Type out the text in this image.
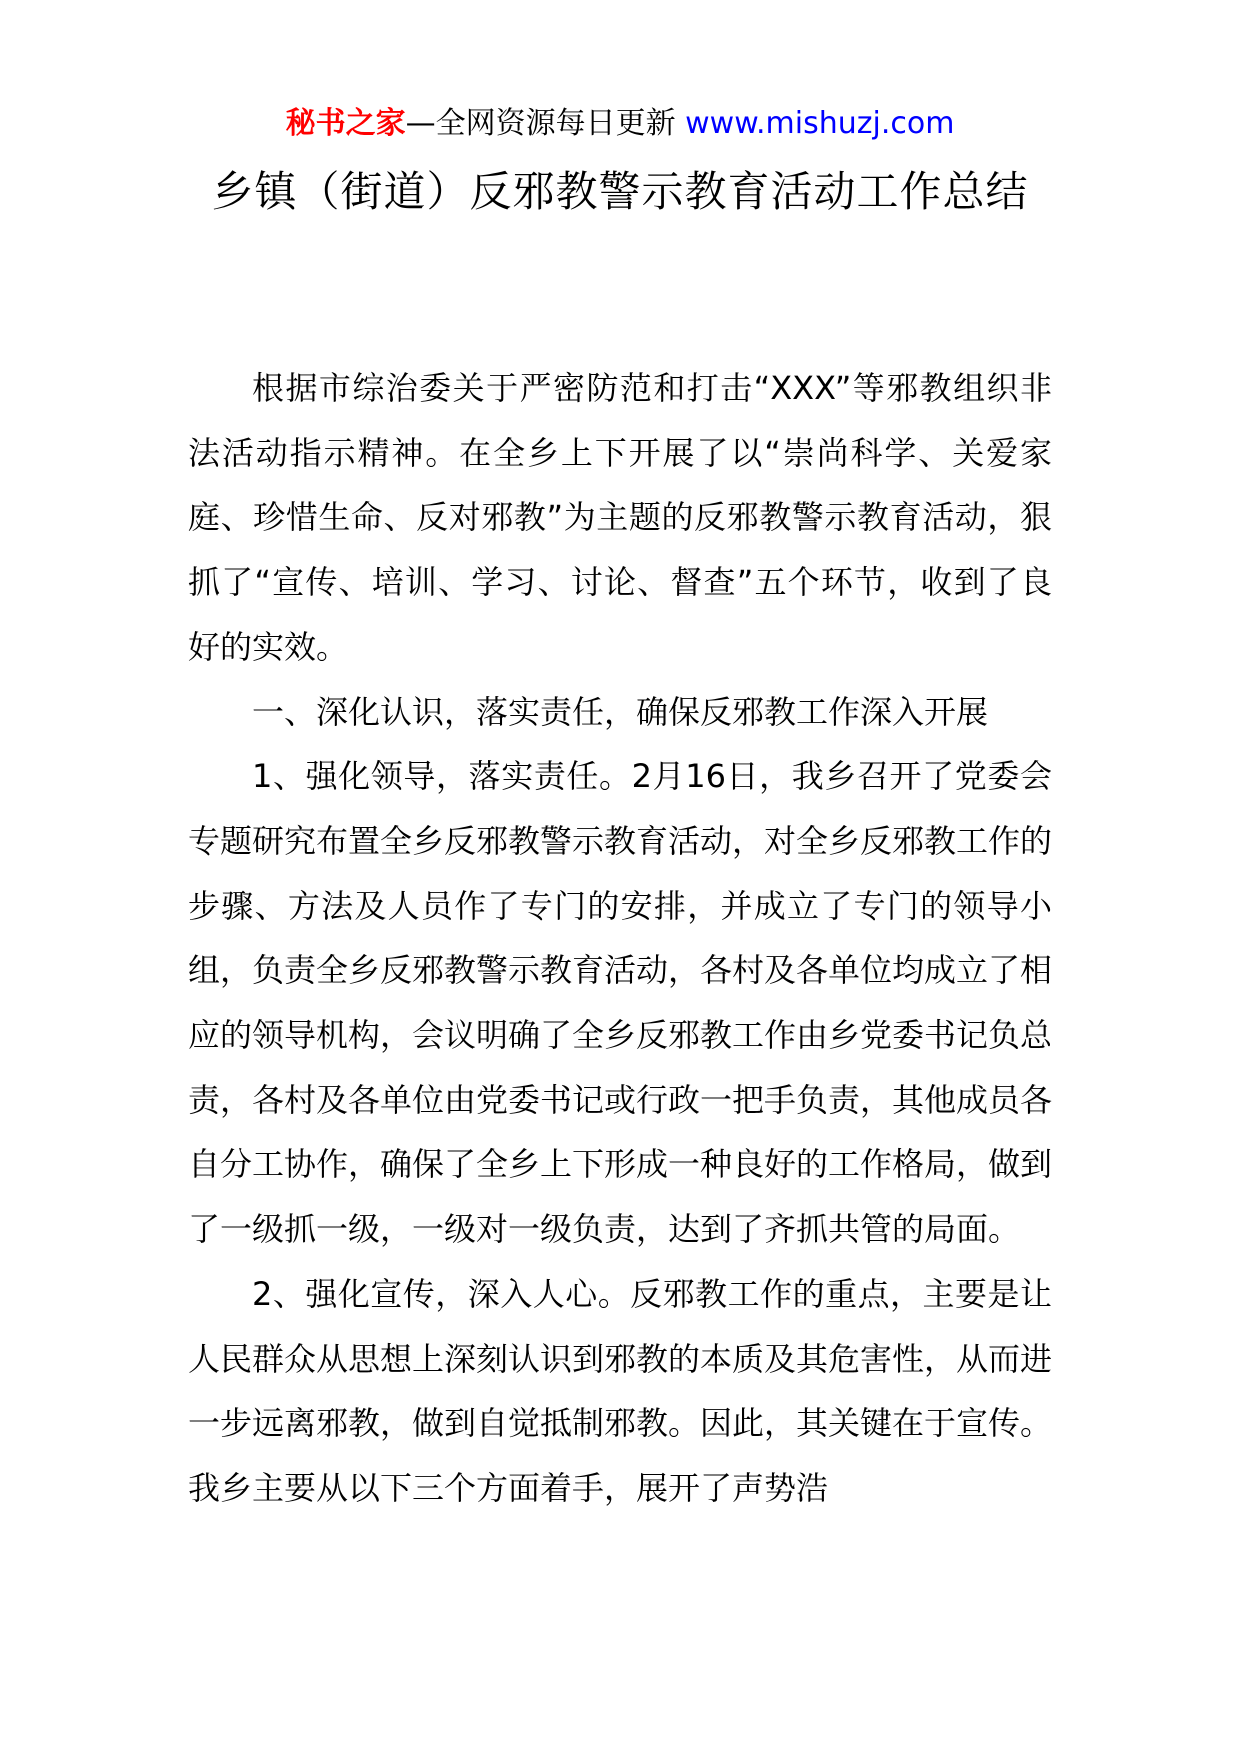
秘书之家—全网资源每日更新 www.mishuzj.com
乡镇（街道）反邪教警示教育活动工作总结

根据市综治委关于严密防范和打击“XXX”等邪教组织非法活动指示精神。在全乡上下开展了以“崇尚科学、关爱家庭、珍惜生命、反对邪教”为主题的反邪教警示教育活动，狠抓了“宣传、培训、学习、讨论、督查”五个环节，收到了良好的实效。

一、深化认识，落实责任，确保反邪教工作深入开展

1、强化领导，落实责任。2月16日，我乡召开了党委会专题研究布置全乡反邪教警示教育活动，对全乡反邪教工作的步骤、方法及人员作了专门的安排，并成立了专门的领导小组，负责全乡反邪教警示教育活动，各村及各单位均成立了相应的领导机构，会议明确了全乡反邪教工作由乡党委书记负总责，各村及各单位由党委书记或行政一把手负责，其他成员各自分工协作，确保了全乡上下形成一种良好的工作格局，做到了一级抓一级，一级对一级负责，达到了齐抓共管的局面。

2、强化宣传，深入人心。反邪教工作的重点，主要是让人民群众从思想上深刻认识到邪教的本质及其危害性，从而进一步远离邪教，做到自觉抵制邪教。因此，其关键在于宣传。我乡主要从以下三个方面着手，展开了声势浩
